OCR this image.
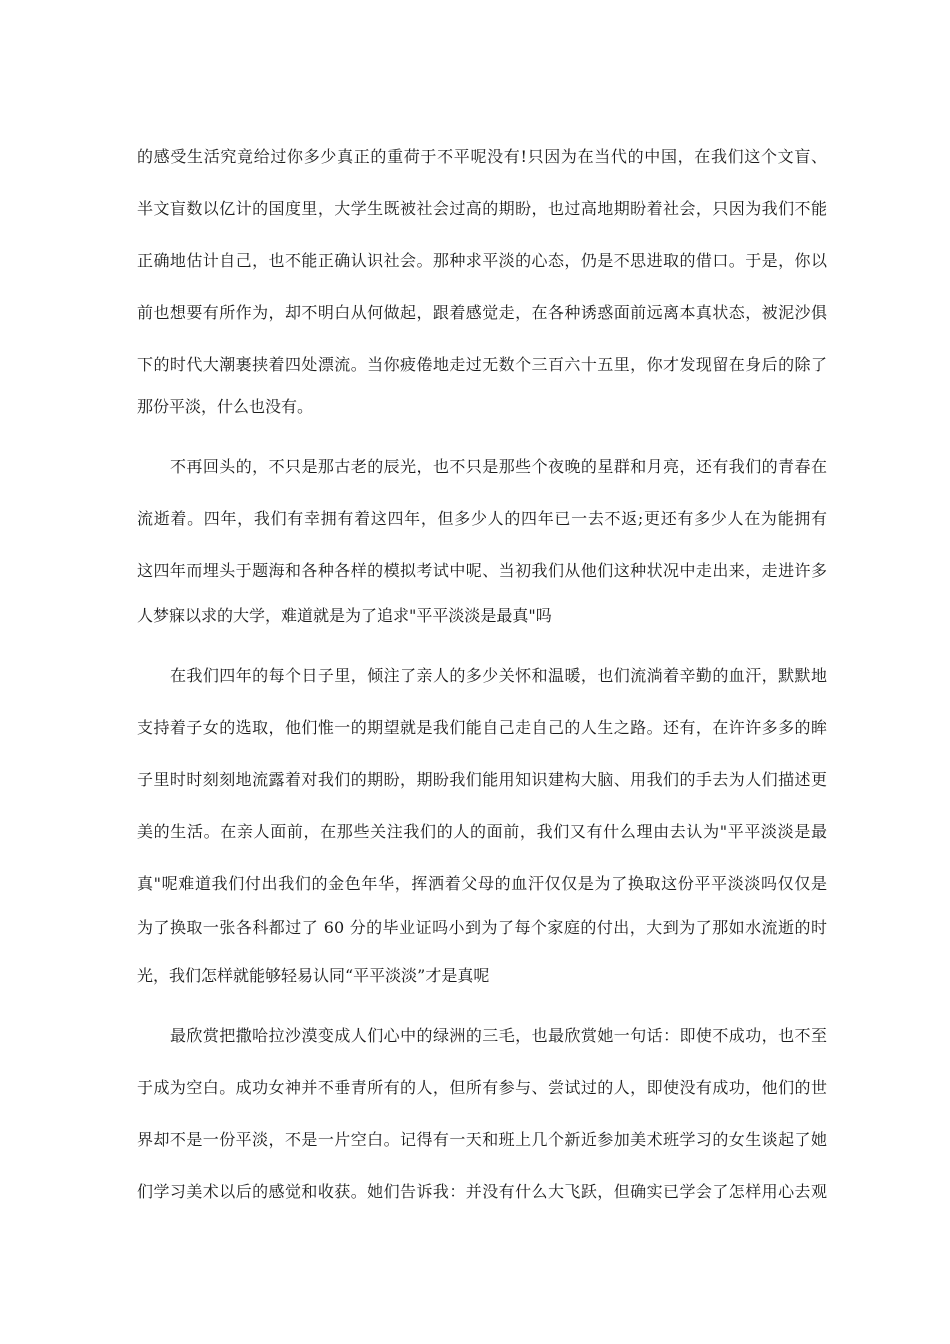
的感受生活究竟给过你多少真正的重荷于不平呢没有!只因为在当代的中国，在我们这个文盲、
半文盲数以亿计的国度里，大学生既被社会过高的期盼，也过高地期盼着社会，只因为我们不能
正确地估计自己，也不能正确认识社会。那种求平淡的心态，仍是不思进取的借口。于是，你以
前也想要有所作为，却不明白从何做起，跟着感觉走，在各种诱惑面前远离本真状态，被泥沙俱
下的时代大潮裹挟着四处漂流。当你疲倦地走过无数个三百六十五里，你才发现留在身后的除了
那份平淡，什么也没有。
不再回头的，不只是那古老的辰光，也不只是那些个夜晚的星群和月亮，还有我们的青春在
流逝着。四年，我们有幸拥有着这四年，但多少人的四年已一去不返;更还有多少人在为能拥有
这四年而埋头于题海和各种各样的模拟考试中呢、当初我们从他们这种状况中走出来，走进许多
人梦寐以求的大学，难道就是为了追求"平平淡淡是最真"吗
在我们四年的每个日子里，倾注了亲人的多少关怀和温暖，也们流淌着辛勤的血汗，默默地
支持着子女的选取，他们惟一的期望就是我们能自己走自己的人生之路。还有，在许许多多的眸
子里时时刻刻地流露着对我们的期盼，期盼我们能用知识建构大脑、用我们的手去为人们描述更
美的生活。在亲人面前，在那些关注我们的人的面前，我们又有什么理由去认为"平平淡淡是最
真"呢难道我们付出我们的金色年华，挥洒着父母的血汗仅仅是为了换取这份平平淡淡吗仅仅是
为了换取一张各科都过了 60 分的毕业证吗小到为了每个家庭的付出，大到为了那如水流逝的时
光，我们怎样就能够轻易认同“平平淡淡”才是真呢
最欣赏把撒哈拉沙漠变成人们心中的绿洲的三毛，也最欣赏她一句话：即使不成功，也不至
于成为空白。成功女神并不垂青所有的人，但所有参与、尝试过的人，即使没有成功，他们的世
界却不是一份平淡，不是一片空白。记得有一天和班上几个新近参加美术班学习的女生谈起了她
们学习美术以后的感觉和收获。她们告诉我：并没有什么大飞跃，但确实已学会了怎样用心去观
